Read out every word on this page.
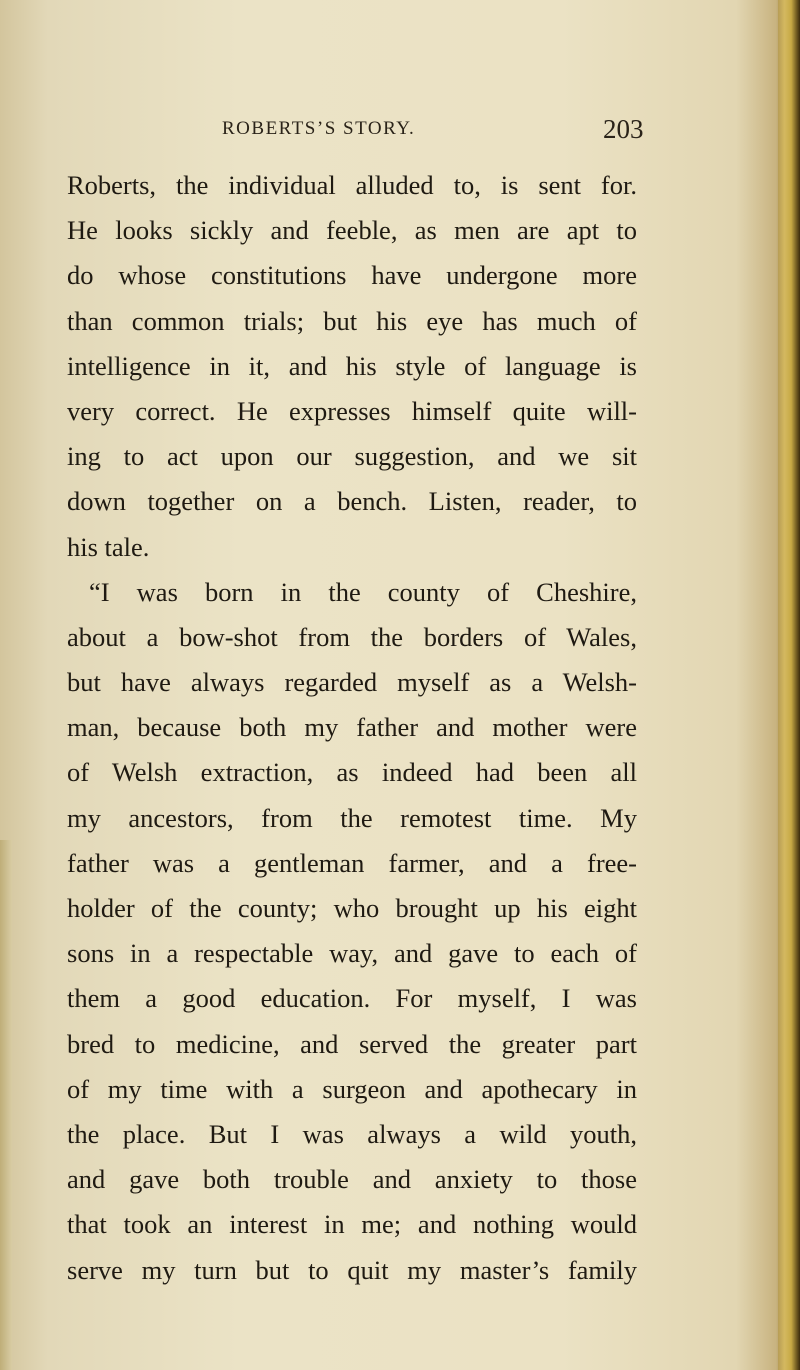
ROBERTS’S STORY.	203
Roberts, the individual alluded to, is sent for.
He looks sickly and feeble, as men are apt to
do whose constitutions have undergone more
than common trials; but his eye has much of
intelligence in it, and his style of language is
very correct. He expresses himself quite will-
ing to act upon our suggestion, and we sit
down together on a bench. Listen, reader, to
his tale.
“I was born in the county of Cheshire,
about a bow-shot from the borders of Wales,
but have always regarded myself as a Welsh-
man, because both my father and mother were
of Welsh extraction, as indeed had been all
my ancestors, from the remotest time. My
father was a gentleman farmer, and a free-
holder of the county; who brought up his eight
sons in a respectable way, and gave to each of
them a good education. For myself, I was
bred to medicine, and served the greater part
of my time with a surgeon and apothecary in
the place. But I was always a wild youth,
and gave both trouble and anxiety to those
that took an interest in me; and nothing would
serve my turn but to quit my master’s family
